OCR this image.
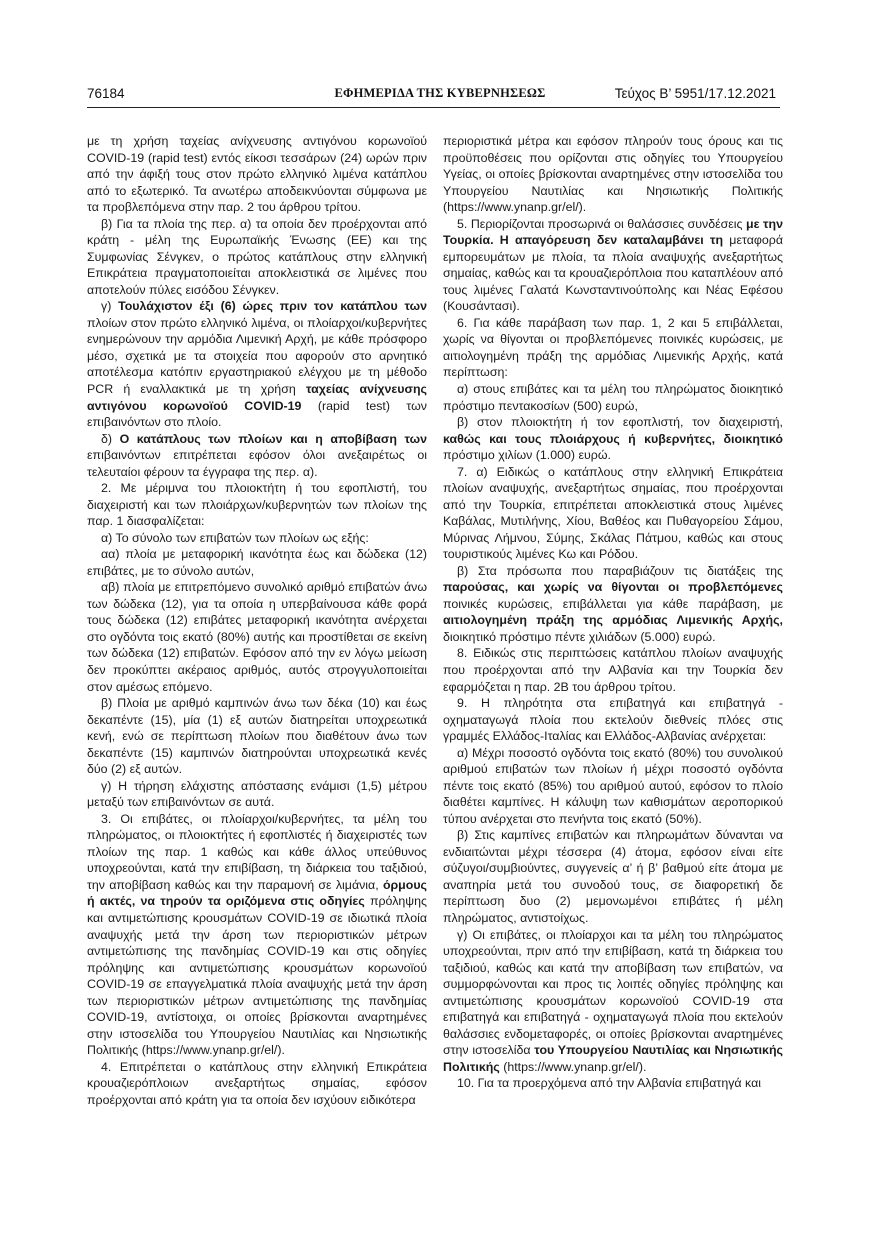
76184	ΕΦΗΜΕΡΙΔΑ ΤΗΣ ΚΥΒΕΡΝΗΣΕΩΣ	Τεύχος Β’ 5951/17.12.2021

με τη χρήση ταχείας ανίχνευσης αντιγόνου κορωνοϊού COVID-19 (rapid test) εντός είκοσι τεσσάρων (24) ωρών πριν από την άφιξή τους στον πρώτο ελληνικό λιμένα κατάπλου από το εξωτερικό. Τα ανωτέρω αποδεικνύονται σύμφωνα με τα προβλεπόμενα στην παρ. 2 του άρθρου τρίτου.

β) Για τα πλοία της περ. α) τα οποία δεν προέρχονται από κράτη - μέλη της Ευρωπαϊκής Ένωσης (ΕΕ) και της Συμφωνίας Σένγκεν, ο πρώτος κατάπλους στην ελληνική Επικράτεια πραγματοποιείται αποκλειστικά σε λιμένες που αποτελούν πύλες εισόδου Σένγκεν.

γ) Τουλάχιστον έξι (6) ώρες πριν τον κατάπλου των πλοίων στον πρώτο ελληνικό λιμένα, οι πλοίαρχοι/κυβερνήτες ενημερώνουν την αρμόδια Λιμενική Αρχή, με κάθε πρόσφορο μέσο, σχετικά με τα στοιχεία που αφορούν στο αρνητικό αποτέλεσμα κατόπιν εργαστηριακού ελέγχου με τη μέθοδο PCR ή εναλλακτικά με τη χρήση ταχείας ανίχνευσης αντιγόνου κορωνοϊού COVID-19 (rapid test) των επιβαινόντων στο πλοίο.

δ) Ο κατάπλους των πλοίων και η αποβίβαση των επιβαινόντων επιτρέπεται εφόσον όλοι ανεξαιρέτως οι τελευταίοι φέρουν τα έγγραφα της περ. α).

2. Με μέριμνα του πλοιοκτήτη ή του εφοπλιστή, του διαχειριστή και των πλοιάρχων/κυβερνητών των πλοίων της παρ. 1 διασφαλίζεται:

α) Το σύνολο των επιβατών των πλοίων ως εξής:

αα) πλοία με μεταφορική ικανότητα έως και δώδεκα (12) επιβάτες, με το σύνολο αυτών,

αβ) πλοία με επιτρεπόμενο συνολικό αριθμό επιβατών άνω των δώδεκα (12), για τα οποία η υπερβαίνουσα κάθε φορά τους δώδεκα (12) επιβάτες μεταφορική ικανότητα ανέρχεται στο ογδόντα τοις εκατό (80%) αυτής και προστίθεται σε εκείνη των δώδεκα (12) επιβατών. Εφόσον από την εν λόγω μείωση δεν προκύπτει ακέραιος αριθμός, αυτός στρογγυλοποιείται στον αμέσως επόμενο.

β) Πλοία με αριθμό καμπινών άνω των δέκα (10) και έως δεκαπέντε (15), μία (1) εξ αυτών διατηρείται υποχρεωτικά κενή, ενώ σε περίπτωση πλοίων που διαθέτουν άνω των δεκαπέντε (15) καμπινών διατηρούνται υποχρεωτικά κενές δύο (2) εξ αυτών.

γ) Η τήρηση ελάχιστης απόστασης ενάμισι (1,5) μέτρου μεταξύ των επιβαινόντων σε αυτά.

3. Οι επιβάτες, οι πλοίαρχοι/κυβερνήτες, τα μέλη του πληρώματος, οι πλοιοκτήτες ή εφοπλιστές ή διαχειριστές των πλοίων της παρ. 1 καθώς και κάθε άλλος υπεύθυνος υποχρεούνται, κατά την επιβίβαση, τη διάρκεια του ταξιδιού, την αποβίβαση καθώς και την παραμονή σε λιμάνια, όρμους ή ακτές, να τηρούν τα οριζόμενα στις οδηγίες πρόληψης και αντιμετώπισης κρουσμάτων COVID-19 σε ιδιωτικά πλοία αναψυχής μετά την άρση των περιοριστικών μέτρων αντιμετώπισης της πανδημίας COVID-19 και στις οδηγίες πρόληψης και αντιμετώπισης κρουσμάτων κορωνοϊού COVID-19 σε επαγγελματικά πλοία αναψυχής μετά την άρση των περιοριστικών μέτρων αντιμετώπισης της πανδημίας COVID-19, αντίστοιχα, οι οποίες βρίσκονται αναρτημένες στην ιστοσελίδα του Υπουργείου Ναυτιλίας και Νησιωτικής Πολιτικής (https://www.ynanp.gr/el/).

4. Επιτρέπεται ο κατάπλους στην ελληνική Επικράτεια κρουαζιερόπλοιων ανεξαρτήτως σημαίας, εφόσον προέρχονται από κράτη για τα οποία δεν ισχύουν ειδικότερα

περιοριστικά μέτρα και εφόσον πληρούν τους όρους και τις προϋποθέσεις που ορίζονται στις οδηγίες του Υπουργείου Υγείας, οι οποίες βρίσκονται αναρτημένες στην ιστοσελίδα του Υπουργείου Ναυτιλίας και Νησιωτικής Πολιτικής (https://www.ynanp.gr/el/).

5. Περιορίζονται προσωρινά οι θαλάσσιες συνδέσεις με την Τουρκία. Η απαγόρευση δεν καταλαμβάνει τη μεταφορά εμπορευμάτων με πλοία, τα πλοία αναψυχής ανεξαρτήτως σημαίας, καθώς και τα κρουαζιερόπλοια που καταπλέουν από τους λιμένες Γαλατά Κωνσταντινούπολης και Νέας Εφέσου (Κουσάντασι).

6. Για κάθε παράβαση των παρ. 1, 2 και 5 επιβάλλεται, χωρίς να θίγονται οι προβλεπόμενες ποινικές κυρώσεις, με αιτιολογημένη πράξη της αρμόδιας Λιμενικής Αρχής, κατά περίπτωση:

α) στους επιβάτες και τα μέλη του πληρώματος διοικητικό πρόστιμο πεντακοσίων (500) ευρώ,

β) στον πλοιοκτήτη ή τον εφοπλιστή, τον διαχειριστή, καθώς και τους πλοιάρχους ή κυβερνήτες, διοικητικό πρόστιμο χιλίων (1.000) ευρώ.

7. α) Ειδικώς ο κατάπλους στην ελληνική Επικράτεια πλοίων αναψυχής, ανεξαρτήτως σημαίας, που προέρχονται από την Τουρκία, επιτρέπεται αποκλειστικά στους λιμένες Καβάλας, Μυτιλήνης, Χίου, Βαθέος και Πυθαγορείου Σάμου, Μύρινας Λήμνου, Σύμης, Σκάλας Πάτμου, καθώς και στους τουριστικούς λιμένες Κω και Ρόδου.

β) Στα πρόσωπα που παραβιάζουν τις διατάξεις της παρούσας, και χωρίς να θίγονται οι προβλεπόμενες ποινικές κυρώσεις, επιβάλλεται για κάθε παράβαση, με αιτιολογημένη πράξη της αρμόδιας Λιμενικής Αρχής, διοικητικό πρόστιμο πέντε χιλιάδων (5.000) ευρώ.

8. Ειδικώς στις περιπτώσεις κατάπλου πλοίων αναψυχής που προέρχονται από την Αλβανία και την Τουρκία δεν εφαρμόζεται η παρ. 2Β του άρθρου τρίτου.

9. Η πληρότητα στα επιβατηγά και επιβατηγά - οχηματαγωγά πλοία που εκτελούν διεθνείς πλόες στις γραμμές Ελλάδος-Ιταλίας και Ελλάδος-Αλβανίας ανέρχεται:

α) Μέχρι ποσοστό ογδόντα τοις εκατό (80%) του συνολικού αριθμού επιβατών των πλοίων ή μέχρι ποσοστό ογδόντα πέντε τοις εκατό (85%) του αριθμού αυτού, εφόσον το πλοίο διαθέτει καμπίνες. Η κάλυψη των καθισμάτων αεροπορικού τύπου ανέρχεται στο πενήντα τοις εκατό (50%).

β) Στις καμπίνες επιβατών και πληρωμάτων δύνανται να ενδιαιτώνται μέχρι τέσσερα (4) άτομα, εφόσον είναι είτε σύζυγοι/συμβιούντες, συγγενείς α’ ή β’ βαθμού είτε άτομα με αναπηρία μετά του συνοδού τους, σε διαφορετική δε περίπτωση δυο (2) μεμονωμένοι επιβάτες ή μέλη πληρώματος, αντιστοίχως.

γ) Οι επιβάτες, οι πλοίαρχοι και τα μέλη του πληρώματος υποχρεούνται, πριν από την επιβίβαση, κατά τη διάρκεια του ταξιδιού, καθώς και κατά την αποβίβαση των επιβατών, να συμμορφώνονται και προς τις λοιπές οδηγίες πρόληψης και αντιμετώπισης κρουσμάτων κορωνοϊού COVID-19 στα επιβατηγά και επιβατηγά - οχηματαγωγά πλοία που εκτελούν θαλάσσιες ενδομεταφορές, οι οποίες βρίσκονται αναρτημένες στην ιστοσελίδα του Υπουργείου Ναυτιλίας και Νησιωτικής Πολιτικής (https://www.ynanp.gr/el/).

10. Για τα προερχόμενα από την Αλβανία επιβατηγά και
